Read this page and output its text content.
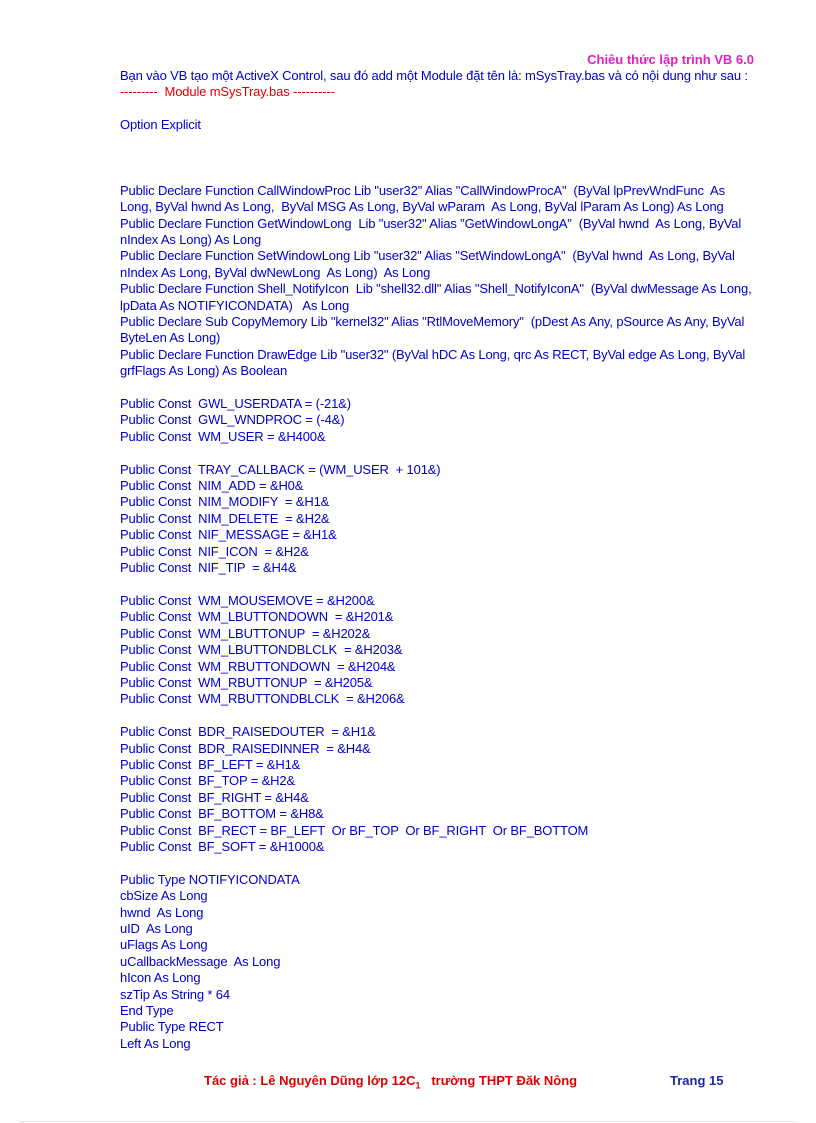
Chiêu thức lập trình VB 6.0

Bạn vào VB tạo một ActiveX Control, sau đó add một Module đặt tên là: mSysTray.bas và có nội dung như sau :

---------  Module mSysTray.bas ----------

Option Explicit

Public Declare Function CallWindowProc Lib "user32" Alias "CallWindowProcA"  (ByVal lpPrevWndFunc  As Long, ByVal hwnd As Long,  ByVal MSG As Long, ByVal wParam  As Long, ByVal lParam As Long) As Long

Public Declare Function GetWindowLong  Lib "user32" Alias "GetWindowLongA"  (ByVal hwnd  As Long, ByVal nIndex As Long) As Long

Public Declare Function SetWindowLong Lib "user32" Alias "SetWindowLongA"  (ByVal hwnd  As Long, ByVal nIndex As Long, ByVal dwNewLong  As Long)  As Long

Public Declare Function Shell_NotifyIcon  Lib "shell32.dll" Alias "Shell_NotifyIconA"  (ByVal dwMessage As Long, lpData As NOTIFYICONDATA)   As Long

Public Declare Sub CopyMemory Lib "kernel32" Alias "RtlMoveMemory"  (pDest As Any, pSource As Any, ByVal ByteLen As Long)

Public Declare Function DrawEdge Lib "user32" (ByVal hDC As Long, qrc As RECT, ByVal edge As Long, ByVal grfFlags As Long) As Boolean

Public Const  GWL_USERDATA = (-21&)

Public Const  GWL_WNDPROC = (-4&)

Public Const  WM_USER = &H400&

Public Const  TRAY_CALLBACK = (WM_USER  + 101&)

Public Const  NIM_ADD = &H0&

Public Const  NIM_MODIFY  = &H1&

Public Const  NIM_DELETE  = &H2&

Public Const  NIF_MESSAGE = &H1&

Public Const  NIF_ICON  = &H2&

Public Const  NIF_TIP  = &H4&

Public Const  WM_MOUSEMOVE = &H200&

Public Const  WM_LBUTTONDOWN  = &H201&

Public Const  WM_LBUTTONUP  = &H202&

Public Const  WM_LBUTTONDBLCLK  = &H203&

Public Const  WM_RBUTTONDOWN  = &H204&

Public Const  WM_RBUTTONUP  = &H205&

Public Const  WM_RBUTTONDBLCLK  = &H206&

Public Const  BDR_RAISEDOUTER  = &H1&

Public Const  BDR_RAISEDINNER  = &H4&

Public Const  BF_LEFT = &H1&

Public Const  BF_TOP = &H2&

Public Const  BF_RIGHT = &H4&

Public Const  BF_BOTTOM = &H8&

Public Const  BF_RECT = BF_LEFT  Or BF_TOP  Or BF_RIGHT  Or BF_BOTTOM

Public Const  BF_SOFT = &H1000&

Public Type NOTIFYICONDATA

cbSize As Long

hwnd  As Long

uID  As Long

uFlags As Long

uCallbackMessage  As Long

hIcon As Long

szTip As String * 64

End Type

Public Type RECT

Left As Long

Tác giả : Lê Nguyên Dũng lớp $12C_1$   trường THPT Đăk Nông	Trang 15
